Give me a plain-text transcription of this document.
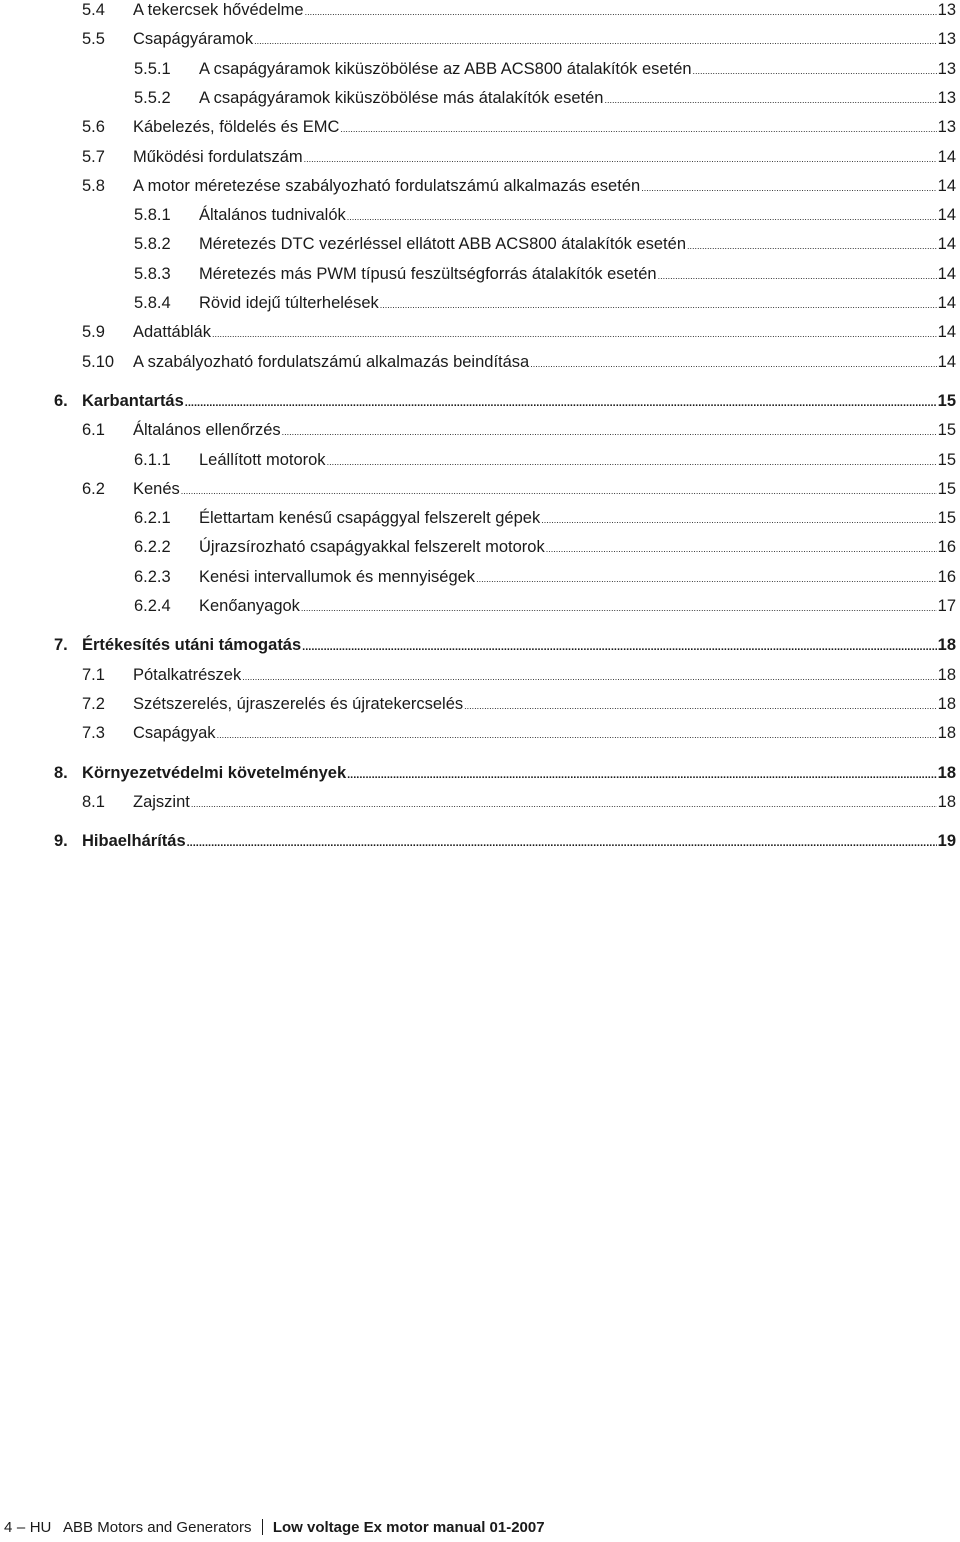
5.4 A tekercsek hővédelme .....	13
5.5 Csapágyáramok .....	13
5.5.1 A csapágyáramok kiküszöbölése az ABB ACS800 átalakítók esetén .....	13
5.5.2 A csapágyáramok kiküszöbölése más átalakítók esetén .....	13
5.6 Kábelezés, földelés és EMC .....	13
5.7 Működési fordulatszám .....	14
5.8 A motor méretezése szabályozható fordulatszámú alkalmazás esetén .....	14
5.8.1 Általános tudnivalók .....	14
5.8.2 Méretezés DTC vezérléssel ellátott ABB ACS800 átalakítók esetén .....	14
5.8.3 Méretezés más PWM típusú feszültségforrás átalakítók esetén .....	14
5.8.4 Rövid idejű túlterhelések .....	14
5.9 Adattáblák .....	14
5.10 A szabályozható fordulatszámú alkalmazás beindítása .....	14
6. Karbantartás .....	15
6.1 Általános ellenőrzés .....	15
6.1.1 Leállított motorok .....	15
6.2 Kenés .....	15
6.2.1 Élettartam kenésű csapággyal felszerelt gépek .....	15
6.2.2 Újrazsírozható csapágyakkal felszerelt motorok .....	16
6.2.3 Kenési intervallumok és mennyiségek .....	16
6.2.4 Kenőanyagok .....	17
7. Értékesítés utáni támogatás .....	18
7.1 Pótalkatrészek .....	18
7.2 Szétszerelés, újraszerelés és újratekercselés .....	18
7.3 Csapágyak .....	18
8. Környezetvédelmi követelmények .....	18
8.1 Zajszint .....	18
9. Hibaelhárítás .....	19
4 – HU ABB Motors and Generators Low voltage Ex motor manual 01-2007
